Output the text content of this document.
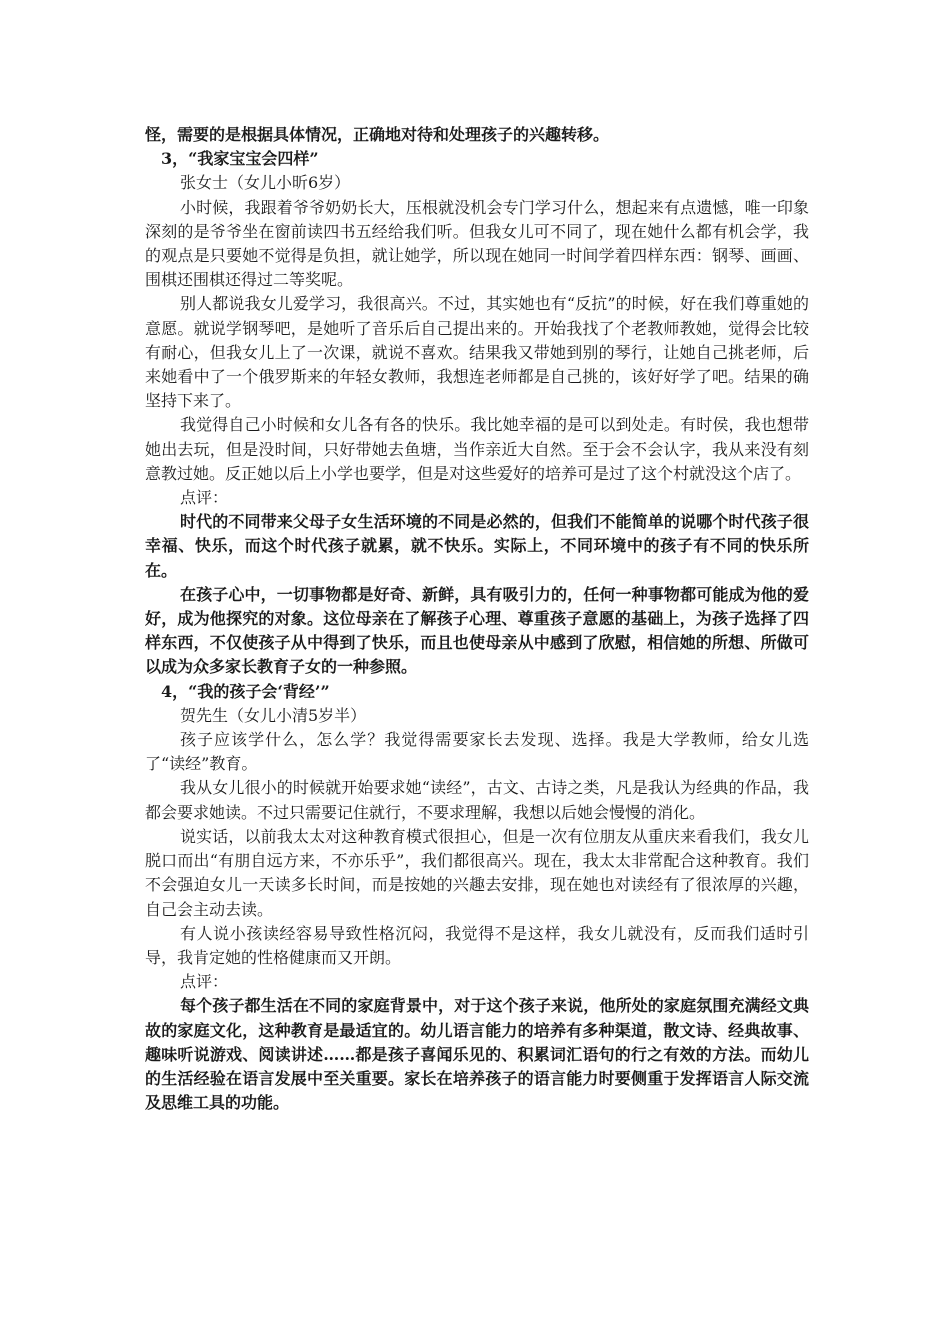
怪，需要的是根据具体情况，正确地对待和处理孩子的兴趣转移。

3，“我家宝宝会四样”

张女士（女儿小昕6岁）

小时候，我跟着爷爷奶奶长大，压根就没机会专门学习什么，想起来有点遗憾，唯一印象深刻的是爷爷坐在窗前读四书五经给我们听。但我女儿可不同了，现在她什么都有机会学，我的观点是只要她不觉得是负担，就让她学，所以现在她同一时间学着四样东西：钢琴、画画、围棋还围棋还得过二等奖呢。

别人都说我女儿爱学习，我很高兴。不过，其实她也有“反抗”的时候，好在我们尊重她的意愿。就说学钢琴吧，是她听了音乐后自己提出来的。开始我找了个老教师教她，觉得会比较有耐心，但我女儿上了一次课，就说不喜欢。结果我又带她到别的琴行，让她自己挑老师，后来她看中了一个俄罗斯来的年轻女教师，我想连老师都是自己挑的，该好好学了吧。结果的确坚持下来了。

我觉得自己小时候和女儿各有各的快乐。我比她幸福的是可以到处走。有时侯，我也想带她出去玩，但是没时间，只好带她去鱼塘，当作亲近大自然。至于会不会认字，我从来没有刻意教过她。反正她以后上小学也要学，但是对这些爱好的培养可是过了这个村就没这个店了。

点评：

时代的不同带来父母子女生活环境的不同是必然的，但我们不能简单的说哪个时代孩子很幸福、快乐，而这个时代孩子就累，就不快乐。实际上，不同环境中的孩子有不同的快乐所在。

在孩子心中，一切事物都是好奇、新鲜，具有吸引力的，任何一种事物都可能成为他的爱好，成为他探究的对象。这位母亲在了解孩子心理、尊重孩子意愿的基础上，为孩子选择了四样东西，不仅使孩子从中得到了快乐，而且也使母亲从中感到了欣慰，相信她的所想、所做可以成为众多家长教育子女的一种参照。

4，“我的孩子会‘背经’”

贺先生（女儿小清5岁半）

孩子应该学什么，怎么学？我觉得需要家长去发现、选择。我是大学教师，给女儿选了“读经”教育。

我从女儿很小的时候就开始要求她“读经”，古文、古诗之类，凡是我认为经典的作品，我都会要求她读。不过只需要记住就行，不要求理解，我想以后她会慢慢的消化。

说实话，以前我太太对这种教育模式很担心，但是一次有位朋友从重庆来看我们，我女儿脱口而出“有朋自远方来，不亦乐乎”，我们都很高兴。现在，我太太非常配合这种教育。我们不会强迫女儿一天读多长时间，而是按她的兴趣去安排，现在她也对读经有了很浓厚的兴趣，自己会主动去读。

有人说小孩读经容易导致性格沉闷，我觉得不是这样，我女儿就没有，反而我们适时引导，我肯定她的性格健康而又开朗。

点评：

每个孩子都生活在不同的家庭背景中，对于这个孩子来说，他所处的家庭氛围充满经文典故的家庭文化，这种教育是最适宜的。幼儿语言能力的培养有多种渠道，散文诗、经典故事、趣味听说游戏、阅读讲述……都是孩子喜闻乐见的、积累词汇语句的行之有效的方法。而幼儿的生活经验在语言发展中至关重要。家长在培养孩子的语言能力时要侧重于发挥语言人际交流及思维工具的功能。
